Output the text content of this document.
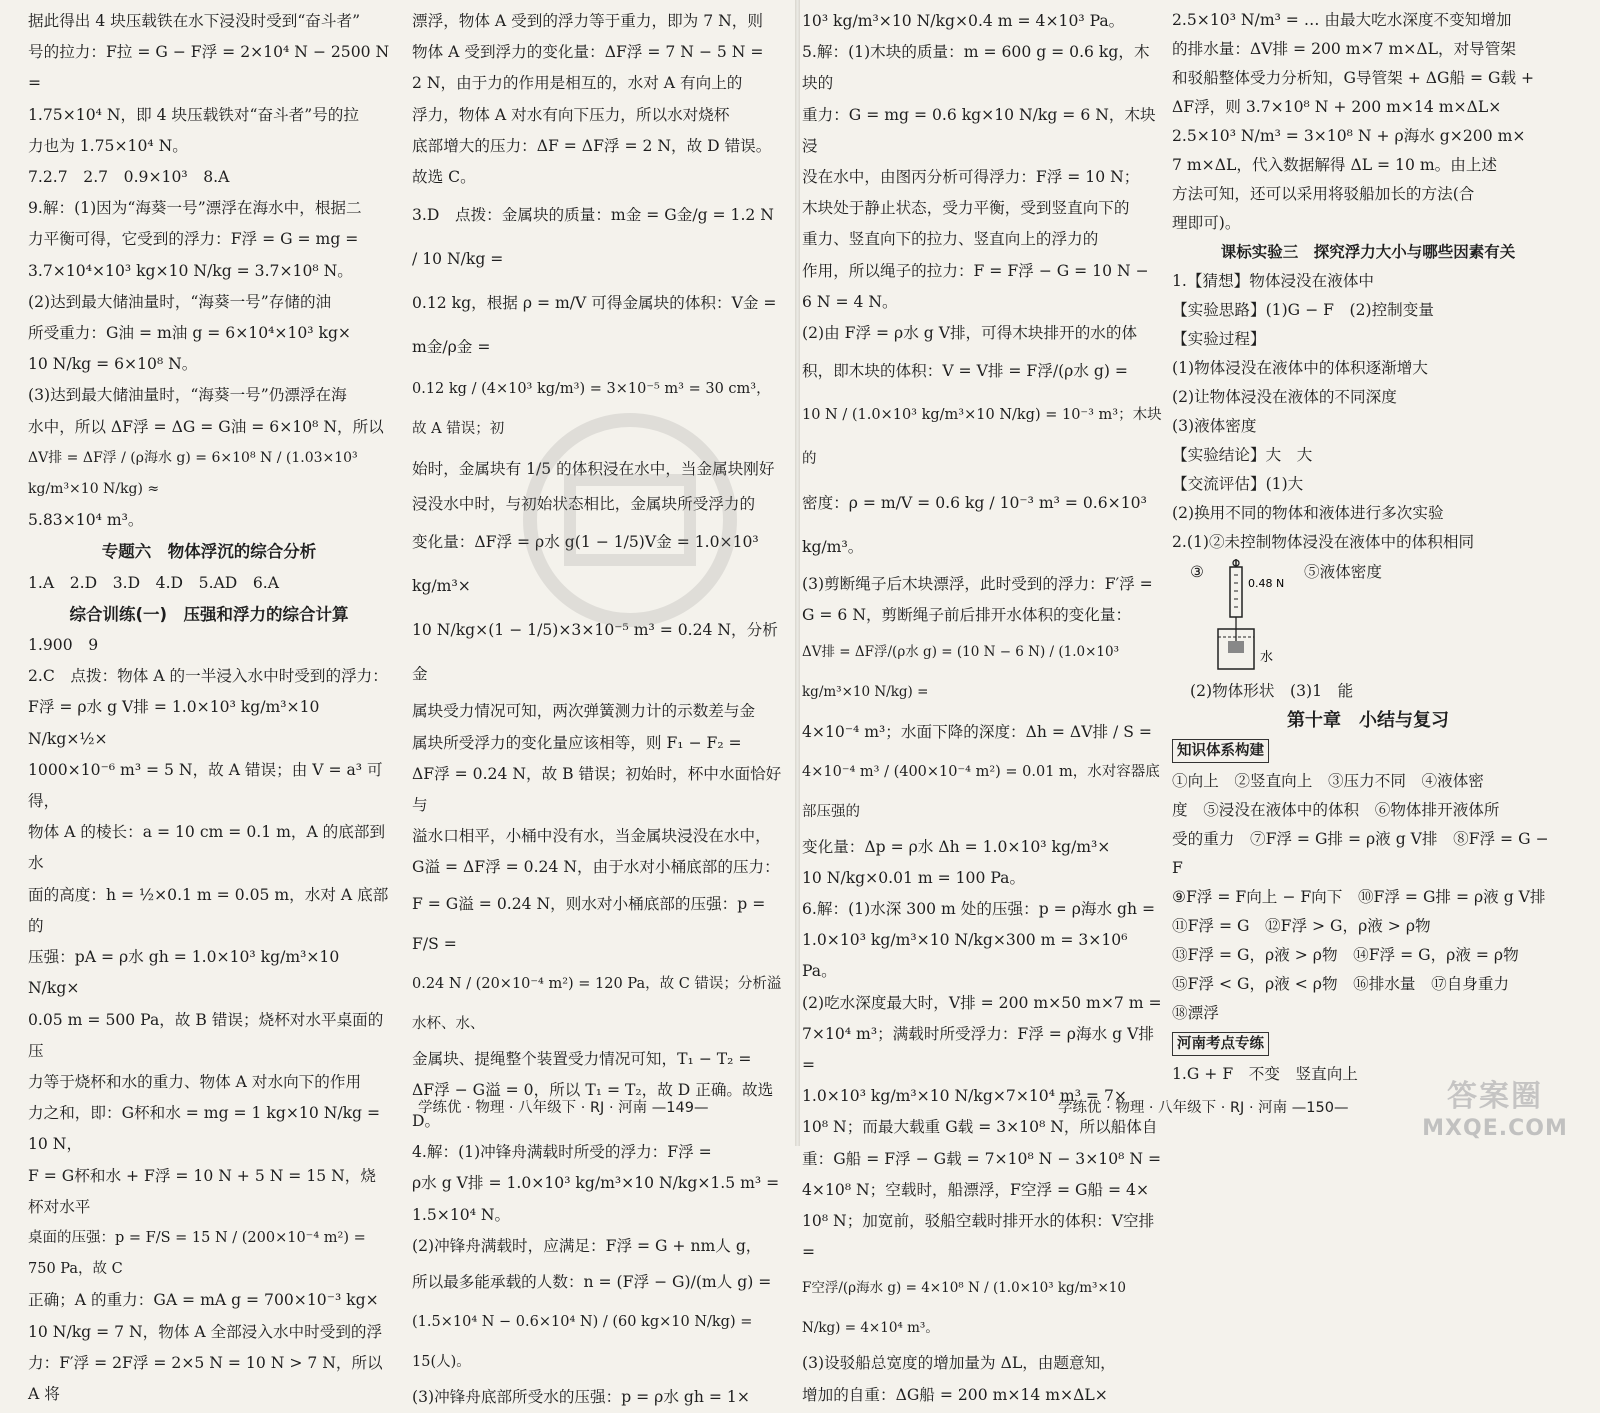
据此得出 4 块压载铁在水下浸没时受到“奋斗者”

号的拉力：F拉 = G − F浮 = 2×10⁴ N − 2500 N =

1.75×10⁴ N，即 4 块压载铁对“奋斗者”号的拉

力也为 1.75×10⁴ N。

7.2.7　2.7　0.9×10³　8.A

9.解：(1)因为“海葵一号”漂浮在海水中，根据二

力平衡可得，它受到的浮力：F浮 = G = mg =

3.7×10⁴×10³ kg×10 N/kg = 3.7×10⁸ N。

(2)达到最大储油量时，“海葵一号”存储的油

所受重力：G油 = m油 g = 6×10⁴×10³ kg×

10 N/kg = 6×10⁸ N。

(3)达到最大储油量时，“海葵一号”仍漂浮在海

水中，所以 ΔF浮 = ΔG = G油 = 6×10⁸ N，所以

ΔV排 = ΔF浮 / (ρ海水 g) = 6×10⁸ N / (1.03×10³ kg/m³×10 N/kg) ≈

5.83×10⁴ m³。

专题六　物体浮沉的综合分析

1.A　2.D　3.D　4.D　5.AD　6.A

综合训练(一)　压强和浮力的综合计算

1.900　9

2.C　点拨：物体 A 的一半浸入水中时受到的浮力：

F浮 = ρ水 g V排 = 1.0×10³ kg/m³×10 N/kg×½×

1000×10⁻⁶ m³ = 5 N，故 A 错误；由 V = a³ 可得，

物体 A 的棱长：a = 10 cm = 0.1 m，A 的底部到水

面的高度：h = ½×0.1 m = 0.05 m，水对 A 底部的

压强：pA = ρ水 gh = 1.0×10³ kg/m³×10 N/kg×

0.05 m = 500 Pa，故 B 错误；烧杯对水平桌面的压

力等于烧杯和水的重力、物体 A 对水向下的作用

力之和，即：G杯和水 = mg = 1 kg×10 N/kg = 10 N，

F = G杯和水 + F浮 = 10 N + 5 N = 15 N，烧杯对水平

桌面的压强：p = F/S = 15 N / (200×10⁻⁴ m²) = 750 Pa，故 C

正确；A 的重力：GA = mA g = 700×10⁻³ kg×

10 N/kg = 7 N，物体 A 全部浸入水中时受到的浮

力：F′浮 = 2F浮 = 2×5 N = 10 N > 7 N，所以 A 将

漂浮，物体 A 受到的浮力等于重力，即为 7 N，则

物体 A 受到浮力的变化量：ΔF浮 = 7 N − 5 N =

2 N，由于力的作用是相互的，水对 A 有向上的

浮力，物体 A 对水有向下压力，所以水对烧杯

底部增大的压力：ΔF = ΔF浮 = 2 N，故 D 错误。

故选 C。

3.D　点拨：金属块的质量：m金 = G金/g = 1.2 N / 10 N/kg =

0.12 kg，根据 ρ = m/V 可得金属块的体积：V金 = m金/ρ金 =

0.12 kg / (4×10³ kg/m³) = 3×10⁻⁵ m³ = 30 cm³，故 A 错误；初

始时，金属块有 1/5 的体积浸在水中，当金属块刚好

浸没水中时，与初始状态相比，金属块所受浮力的

变化量：ΔF浮 = ρ水 g(1 − 1/5)V金 = 1.0×10³ kg/m³×

10 N/kg×(1 − 1/5)×3×10⁻⁵ m³ = 0.24 N，分析金

属块受力情况可知，两次弹簧测力计的示数差与金

属块所受浮力的变化量应该相等，则 F₁ − F₂ =

ΔF浮 = 0.24 N，故 B 错误；初始时，杯中水面恰好与

溢水口相平，小桶中没有水，当金属块浸没在水中，

G溢 = ΔF浮 = 0.24 N，由于水对小桶底部的压力：

F = G溢 = 0.24 N，则水对小桶底部的压强：p = F/S =

0.24 N / (20×10⁻⁴ m²) = 120 Pa，故 C 错误；分析溢水杯、水、

金属块、提绳整个装置受力情况可知，T₁ − T₂ =

ΔF浮 − G溢 = 0，所以 T₁ = T₂，故 D 正确。故选 D。

4.解：(1)冲锋舟满载时所受的浮力：F浮 =

ρ水 g V排 = 1.0×10³ kg/m³×10 N/kg×1.5 m³ =

1.5×10⁴ N。

(2)冲锋舟满载时，应满足：F浮 = G + nm人 g，

所以最多能承载的人数：n = (F浮 − G)/(m人 g) =

(1.5×10⁴ N − 0.6×10⁴ N) / (60 kg×10 N/kg) = 15(人)。

(3)冲锋舟底部所受水的压强：p = ρ水 gh = 1×

学练优 · 物理 · 八年级下 · RJ · 河南 —149—

10³ kg/m³×10 N/kg×0.4 m = 4×10³ Pa。

5.解：(1)木块的质量：m = 600 g = 0.6 kg，木块的

重力：G = mg = 0.6 kg×10 N/kg = 6 N，木块浸

没在水中，由图丙分析可得浮力：F浮 = 10 N；

木块处于静止状态，受力平衡，受到竖直向下的

重力、竖直向下的拉力、竖直向上的浮力的

作用，所以绳子的拉力：F = F浮 − G = 10 N −

6 N = 4 N。

(2)由 F浮 = ρ水 g V排，可得木块排开的水的体

积，即木块的体积：V = V排 = F浮/(ρ水 g) =

10 N / (1.0×10³ kg/m³×10 N/kg) = 10⁻³ m³；木块的

密度：ρ = m/V = 0.6 kg / 10⁻³ m³ = 0.6×10³ kg/m³。

(3)剪断绳子后木块漂浮，此时受到的浮力：F′浮 =

G = 6 N，剪断绳子前后排开水体积的变化量：

ΔV排 = ΔF浮/(ρ水 g) = (10 N − 6 N) / (1.0×10³ kg/m³×10 N/kg) =

4×10⁻⁴ m³；水面下降的深度：Δh = ΔV排 / S =

4×10⁻⁴ m³ / (400×10⁻⁴ m²) = 0.01 m，水对容器底部压强的

变化量：Δp = ρ水 Δh = 1.0×10³ kg/m³×

10 N/kg×0.01 m = 100 Pa。

6.解：(1)水深 300 m 处的压强：p = ρ海水 gh =

1.0×10³ kg/m³×10 N/kg×300 m = 3×10⁶ Pa。

(2)吃水深度最大时，V排 = 200 m×50 m×7 m =

7×10⁴ m³；满载时所受浮力：F浮 = ρ海水 g V排 =

1.0×10³ kg/m³×10 N/kg×7×10⁴ m³ = 7×

10⁸ N；而最大载重 G载 = 3×10⁸ N，所以船体自

重：G船 = F浮 − G载 = 7×10⁸ N − 3×10⁸ N =

4×10⁸ N；空载时，船漂浮，F空浮 = G船 = 4×

10⁸ N；加宽前，驳船空载时排开水的体积：V空排 =

F空浮/(ρ海水 g) = 4×10⁸ N / (1.0×10³ kg/m³×10 N/kg) = 4×10⁴ m³。

(3)设驳船总宽度的增加量为 ΔL，由题意知，

增加的自重：ΔG船 = 200 m×14 m×ΔL×

2.5×10³ N/m³ = … 由最大吃水深度不变知增加

的排水量：ΔV排 = 200 m×7 m×ΔL，对导管架

和驳船整体受力分析知，G导管架 + ΔG船 = G载 +

ΔF浮，则 3.7×10⁸ N + 200 m×14 m×ΔL×

2.5×10³ N/m³ = 3×10⁸ N + ρ海水 g×200 m×

7 m×ΔL，代入数据解得 ΔL = 10 m。由上述

方法可知，还可以采用将驳船加长的方法(合

理即可)。

课标实验三　探究浮力大小与哪些因素有关

1.【猜想】物体浸没在液体中

【实验思路】(1)G − F　(2)控制变量

【实验过程】

(1)物体浸没在液体中的体积逐渐增大

(2)让物体浸没在液体的不同深度

(3)液体密度

【实验结论】大　大

【交流评估】(1)大

(2)换用不同的物体和液体进行多次实验

2.(1)②未控制物体浸没在液体中的体积相同

③
0.48 N
水
⑤液体密度

(2)物体形状　(3)1　能

第十章　小结与复习

知识体系构建

①向上　②竖直向上　③压力不同　④液体密

度　⑤浸没在液体中的体积　⑥物体排开液体所

受的重力　⑦F浮 = G排 = ρ液 g V排　⑧F浮 = G − F

⑨F浮 = F向上 − F向下　⑩F浮 = G排 = ρ液 g V排

⑪F浮 = G　⑫F浮 > G，ρ液 > ρ物

⑬F浮 = G，ρ液 > ρ物　⑭F浮 = G，ρ液 = ρ物

⑮F浮 < G，ρ液 < ρ物　⑯排水量　⑰自身重力

⑱漂浮

河南考点专练

1.G + F　不变　竖直向上

学练优 · 物理 · 八年级下 · RJ · 河南 —150—	答案圈
MXQE.COM
